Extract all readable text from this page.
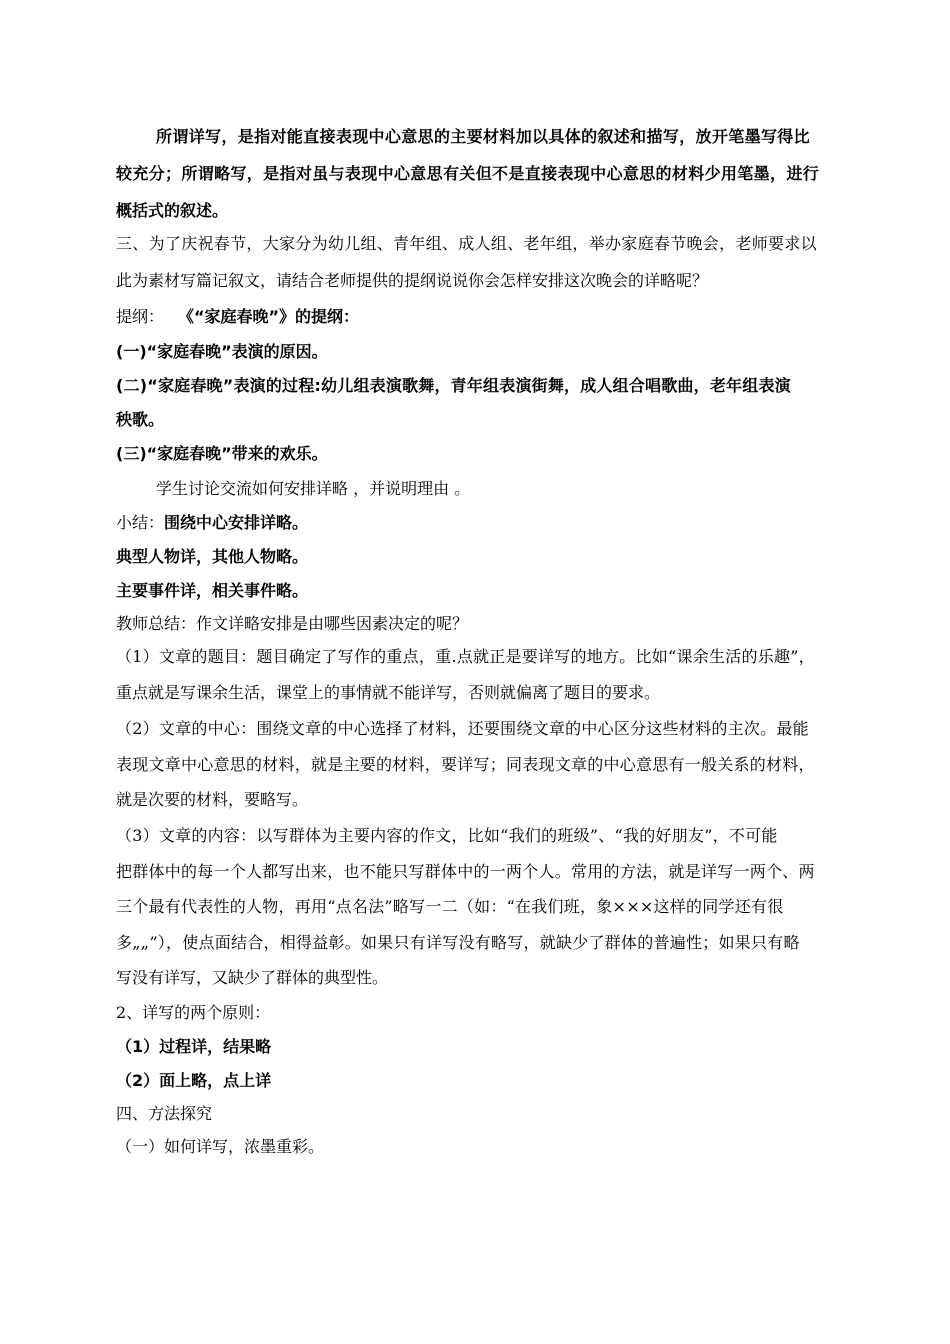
所谓详写，是指对能直接表现中心意思的主要材料加以具体的叙述和描写，放开笔墨写得比
较充分；所谓略写，是指对虽与表现中心意思有关但不是直接表现中心意思的材料少用笔墨，进行
概括式的叙述。
三、为了庆祝春节，大家分为幼儿组、青年组、成人组、老年组，举办家庭春节晚会，老师要求以
此为素材写篇记叙文，请结合老师提供的提纲说说你会怎样安排这次晚会的详略呢？
提纲： 《“家庭春晚”》的提纲：
(一)“家庭春晚”表演的原因。
(二)“家庭春晚”表演的过程:幼儿组表演歌舞，青年组表演街舞，成人组合唱歌曲，老年组表演
秧歌。
(三)“家庭春晚”带来的欢乐。
学生讨论交流如何安排详略 ，并说明理由 。
小结：围绕中心安排详略。
典型人物详，其他人物略。
主要事件详，相关事件略。
教师总结：作文详略安排是由哪些因素决定的呢？
（1）文章的题目：题目确定了写作的重点，重.点就正是要详写的地方。比如“课余生活的乐趣”，
重点就是写课余生活，课堂上的事情就不能详写，否则就偏离了题目的要求。
（2）文章的中心：围绕文章的中心选择了材料，还要围绕文章的中心区分这些材料的主次。最能
表现文章中心意思的材料，就是主要的材料，要详写；同表现文章的中心意思有一般关系的材料，
就是次要的材料，要略写。
（3）文章的内容：以写群体为主要内容的作文，比如“我们的班级”、“我的好朋友”，不可能
把群体中的每一个人都写出来，也不能只写群体中的一两个人。常用的方法，就是详写一两个、两
三个最有代表性的人物，再用“点名法”略写一二（如：“在我们班，象×××这样的同学还有很
多„„”），使点面结合，相得益彰。如果只有详写没有略写，就缺少了群体的普遍性；如果只有略
写没有详写，又缺少了群体的典型性。
2、详写的两个原则：
（1）过程详，结果略
（2）面上略，点上详
四、方法探究
（一）如何详写，浓墨重彩。
